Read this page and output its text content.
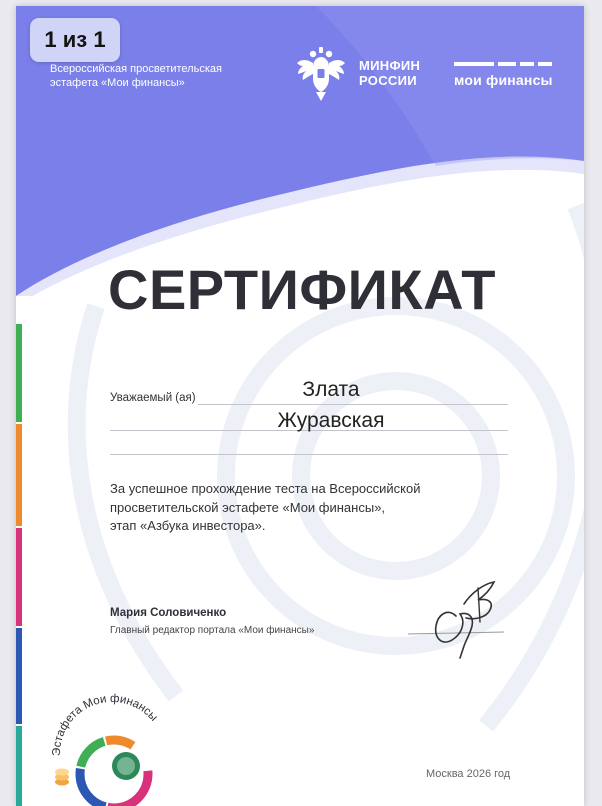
Всероссийская просветительская
эстафета «Мои финансы»
МИНФИН
РОССИИ	мои финансы
СЕРТИФИКАТ
Уважаемый (ая)	Злата
Журавская
За успешное прохождение теста на Всероссийской
просветительской эстафете «Мои финансы»,
этап «Азбука инвестора».
Мария Соловиченко
Главный редактор портала «Мои финансы»
Москва 2026 год
Эстафета Мои финансы
1 из 1
